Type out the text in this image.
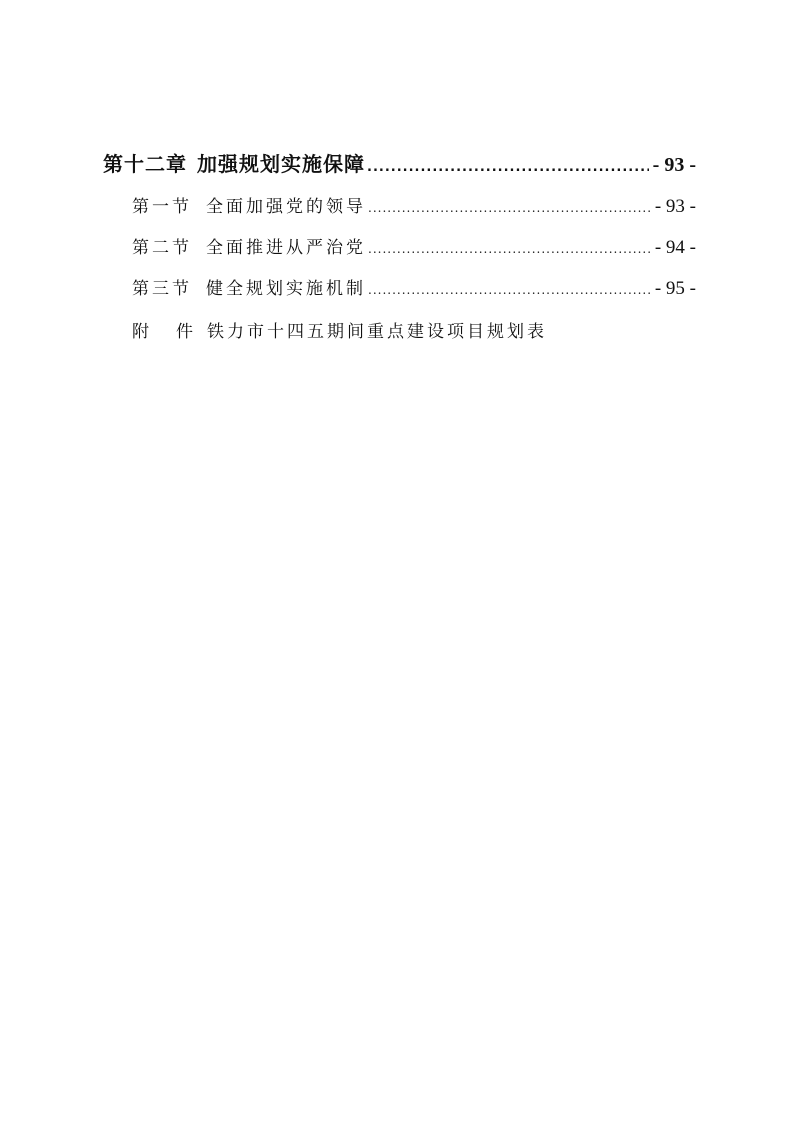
第十二章 加强规划实施保障 .....	- 93 -
第一节 全面加强党的领导 .....	- 93 -
第二节 全面推进从严治党 .....	- 94 -
第三节 健全规划实施机制 .....	- 95 -
附 件 铁力市十四五期间重点建设项目规划表
